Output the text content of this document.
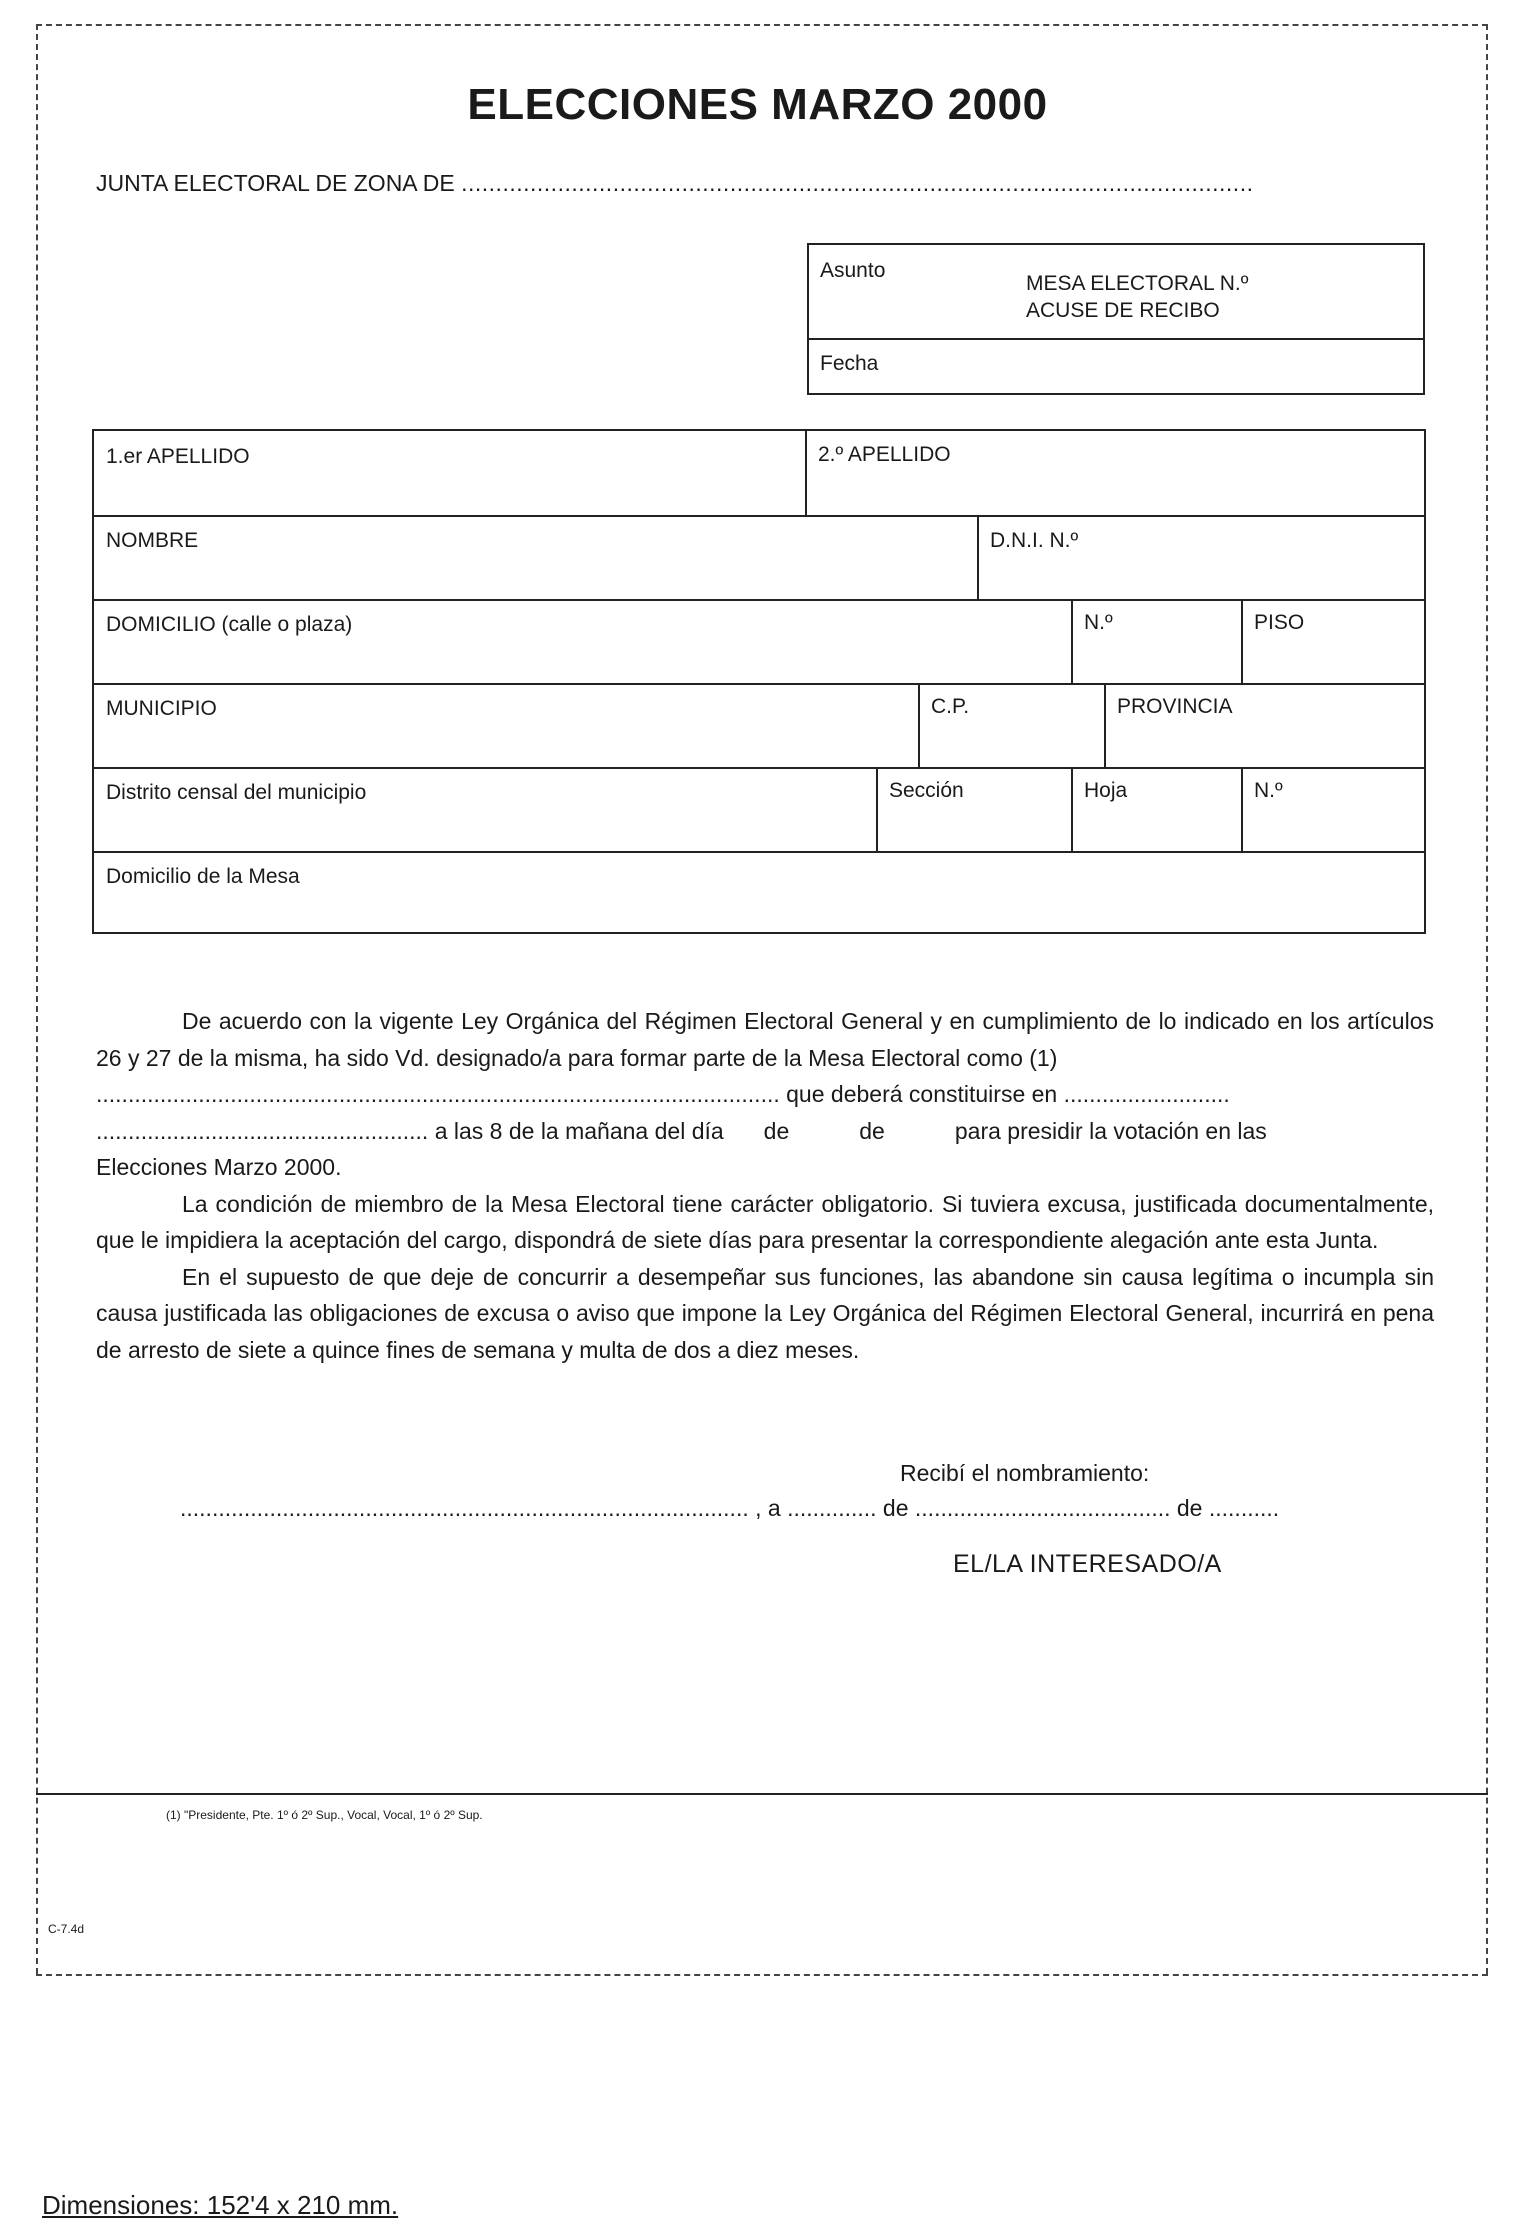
ELECCIONES MARZO 2000
JUNTA ELECTORAL DE ZONA DE ...................................................................................................................
Asunto
MESA ELECTORAL N.º
ACUSE DE RECIBO
Fecha
1.er APELLIDO	2.º APELLIDO
NOMBRE	D.N.I. N.º
DOMICILIO (calle o plaza)	N.º	PISO
MUNICIPIO	C.P.	PROVINCIA
Distrito censal del municipio	Sección	Hoja	N.º
Domicilio de la Mesa

De acuerdo con la vigente Ley Orgánica del Régimen Electoral General y en cumplimiento de lo indicado en los artículos 26 y 27 de la misma, ha sido Vd. designado/a para formar parte de la Mesa Electoral como (1)

........................................................................................................... que deberá constituirse en ..........................

.................................................... a las 8 de la mañana del día de	de	para presidir la votación en las

Elecciones Marzo 2000.

La condición de miembro de la Mesa Electoral tiene carácter obligatorio. Si tuviera excusa, justificada documentalmente, que le impidiera la aceptación del cargo, dispondrá de siete días para presentar la correspondiente alegación ante esta Junta.

En el supuesto de que deje de concurrir a desempeñar sus funciones, las abandone sin causa legítima o incumpla sin causa justificada las obligaciones de excusa o aviso que impone la Ley Orgánica del Régimen Electoral General, incurrirá en pena de arresto de siete a quince fines de semana y multa de dos a diez meses.

Recibí el nombramiento:
......................................................................................... , a .............. de ........................................ de ...........
EL/LA INTERESADO/A
(1) "Presidente, Pte. 1º ó 2º Sup., Vocal, Vocal, 1º ó 2º Sup.
C-7.4d
Dimensiones: 152'4 x 210 mm.
